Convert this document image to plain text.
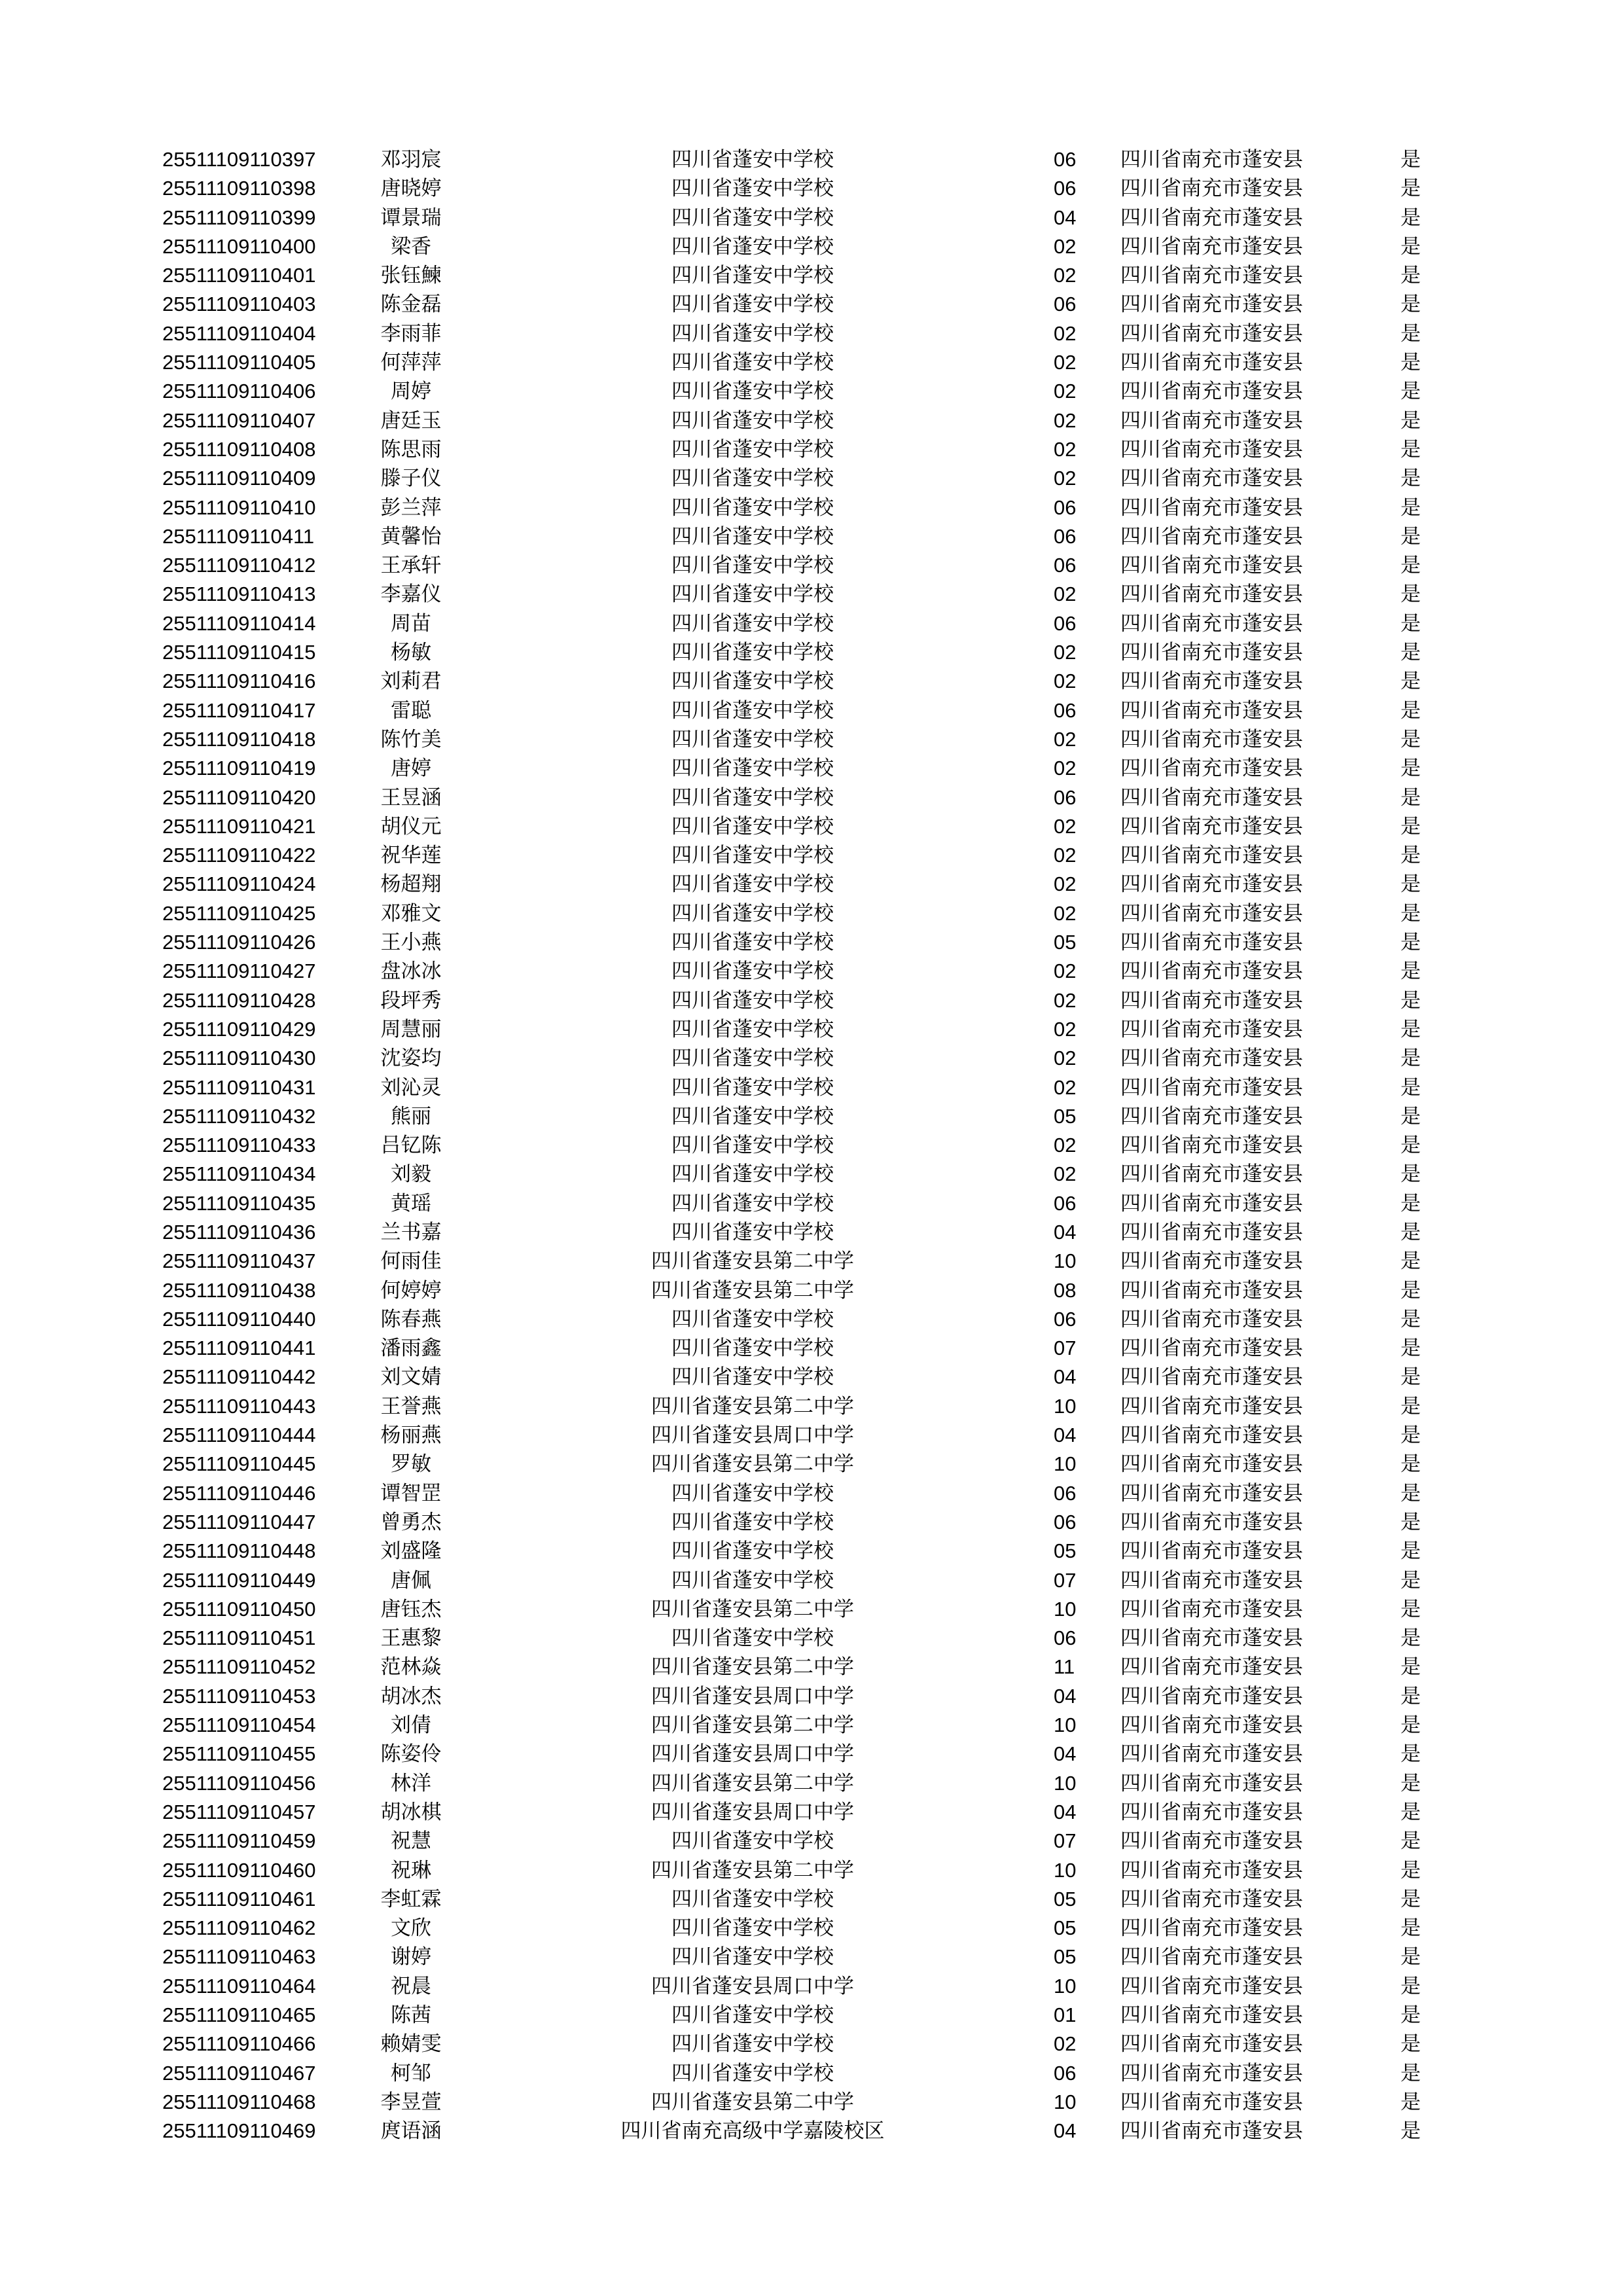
25511109110397	邓羽宸	四川省蓬安中学校	06 四川省南充市蓬安县	是
25511109110398	唐晓婷	四川省蓬安中学校	06 四川省南充市蓬安县	是
25511109110399	谭景瑞	四川省蓬安中学校	04 四川省南充市蓬安县	是
25511109110400	梁香	四川省蓬安中学校	02 四川省南充市蓬安县	是
25511109110401	张钰鰊	四川省蓬安中学校	02 四川省南充市蓬安县	是
25511109110403	陈金磊	四川省蓬安中学校	06 四川省南充市蓬安县	是
25511109110404	李雨菲	四川省蓬安中学校	02 四川省南充市蓬安县	是
25511109110405	何萍萍	四川省蓬安中学校	02 四川省南充市蓬安县	是
25511109110406	周婷	四川省蓬安中学校	02 四川省南充市蓬安县	是
25511109110407	唐廷玉	四川省蓬安中学校	02 四川省南充市蓬安县	是
25511109110408	陈思雨	四川省蓬安中学校	02 四川省南充市蓬安县	是
25511109110409	滕子仪	四川省蓬安中学校	02 四川省南充市蓬安县	是
25511109110410	彭兰萍	四川省蓬安中学校	06 四川省南充市蓬安县	是
25511109110411	黄馨怡	四川省蓬安中学校	06 四川省南充市蓬安县	是
25511109110412	王承轩	四川省蓬安中学校	06 四川省南充市蓬安县	是
25511109110413	李嘉仪	四川省蓬安中学校	02 四川省南充市蓬安县	是
25511109110414	周苗	四川省蓬安中学校	06 四川省南充市蓬安县	是
25511109110415	杨敏	四川省蓬安中学校	02 四川省南充市蓬安县	是
25511109110416	刘莉君	四川省蓬安中学校	02 四川省南充市蓬安县	是
25511109110417	雷聪	四川省蓬安中学校	06 四川省南充市蓬安县	是
25511109110418	陈竹美	四川省蓬安中学校	02 四川省南充市蓬安县	是
25511109110419	唐婷	四川省蓬安中学校	02 四川省南充市蓬安县	是
25511109110420	王昱涵	四川省蓬安中学校	06 四川省南充市蓬安县	是
25511109110421	胡仪元	四川省蓬安中学校	02 四川省南充市蓬安县	是
25511109110422	祝华莲	四川省蓬安中学校	02 四川省南充市蓬安县	是
25511109110424	杨超翔	四川省蓬安中学校	02 四川省南充市蓬安县	是
25511109110425	邓雅文	四川省蓬安中学校	02 四川省南充市蓬安县	是
25511109110426	王小燕	四川省蓬安中学校	05 四川省南充市蓬安县	是
25511109110427	盘冰冰	四川省蓬安中学校	02 四川省南充市蓬安县	是
25511109110428	段坪秀	四川省蓬安中学校	02 四川省南充市蓬安县	是
25511109110429	周慧丽	四川省蓬安中学校	02 四川省南充市蓬安县	是
25511109110430	沈姿均	四川省蓬安中学校	02 四川省南充市蓬安县	是
25511109110431	刘沁灵	四川省蓬安中学校	02 四川省南充市蓬安县	是
25511109110432	熊丽	四川省蓬安中学校	05 四川省南充市蓬安县	是
25511109110433	吕钇陈	四川省蓬安中学校	02 四川省南充市蓬安县	是
25511109110434	刘毅	四川省蓬安中学校	02 四川省南充市蓬安县	是
25511109110435	黄瑶	四川省蓬安中学校	06 四川省南充市蓬安县	是
25511109110436	兰书嘉	四川省蓬安中学校	04 四川省南充市蓬安县	是
25511109110437	何雨佳	四川省蓬安县第二中学	10 四川省南充市蓬安县	是
25511109110438	何婷婷	四川省蓬安县第二中学	08 四川省南充市蓬安县	是
25511109110440	陈春燕	四川省蓬安中学校	06 四川省南充市蓬安县	是
25511109110441	潘雨鑫	四川省蓬安中学校	07 四川省南充市蓬安县	是
25511109110442	刘文婧	四川省蓬安中学校	04 四川省南充市蓬安县	是
25511109110443	王誉燕	四川省蓬安县第二中学	10 四川省南充市蓬安县	是
25511109110444	杨丽燕	四川省蓬安县周口中学	04 四川省南充市蓬安县	是
25511109110445	罗敏	四川省蓬安县第二中学	10 四川省南充市蓬安县	是
25511109110446	谭智罡	四川省蓬安中学校	06 四川省南充市蓬安县	是
25511109110447	曾勇杰	四川省蓬安中学校	06 四川省南充市蓬安县	是
25511109110448	刘盛隆	四川省蓬安中学校	05 四川省南充市蓬安县	是
25511109110449	唐佩	四川省蓬安中学校	07 四川省南充市蓬安县	是
25511109110450	唐钰杰	四川省蓬安县第二中学	10 四川省南充市蓬安县	是
25511109110451	王惠黎	四川省蓬安中学校	06 四川省南充市蓬安县	是
25511109110452	范林焱	四川省蓬安县第二中学	11 四川省南充市蓬安县	是
25511109110453	胡冰杰	四川省蓬安县周口中学	04 四川省南充市蓬安县	是
25511109110454	刘倩	四川省蓬安县第二中学	10 四川省南充市蓬安县	是
25511109110455	陈姿伶	四川省蓬安县周口中学	04 四川省南充市蓬安县	是
25511109110456	林洋	四川省蓬安县第二中学	10 四川省南充市蓬安县	是
25511109110457	胡冰棋	四川省蓬安县周口中学	04 四川省南充市蓬安县	是
25511109110459	祝慧	四川省蓬安中学校	07 四川省南充市蓬安县	是
25511109110460	祝琳	四川省蓬安县第二中学	10 四川省南充市蓬安县	是
25511109110461	李虹霖	四川省蓬安中学校	05 四川省南充市蓬安县	是
25511109110462	文欣	四川省蓬安中学校	05 四川省南充市蓬安县	是
25511109110463	谢婷	四川省蓬安中学校	05 四川省南充市蓬安县	是
25511109110464	祝晨	四川省蓬安县周口中学	10 四川省南充市蓬安县	是
25511109110465	陈茜	四川省蓬安中学校	01 四川省南充市蓬安县	是
25511109110466	赖婧雯	四川省蓬安中学校	02 四川省南充市蓬安县	是
25511109110467	柯邹	四川省蓬安中学校	06 四川省南充市蓬安县	是
25511109110468	李昱萱	四川省蓬安县第二中学	10 四川省南充市蓬安县	是
25511109110469	庹语涵	四川省南充高级中学嘉陵校区	04 四川省南充市蓬安县	是
